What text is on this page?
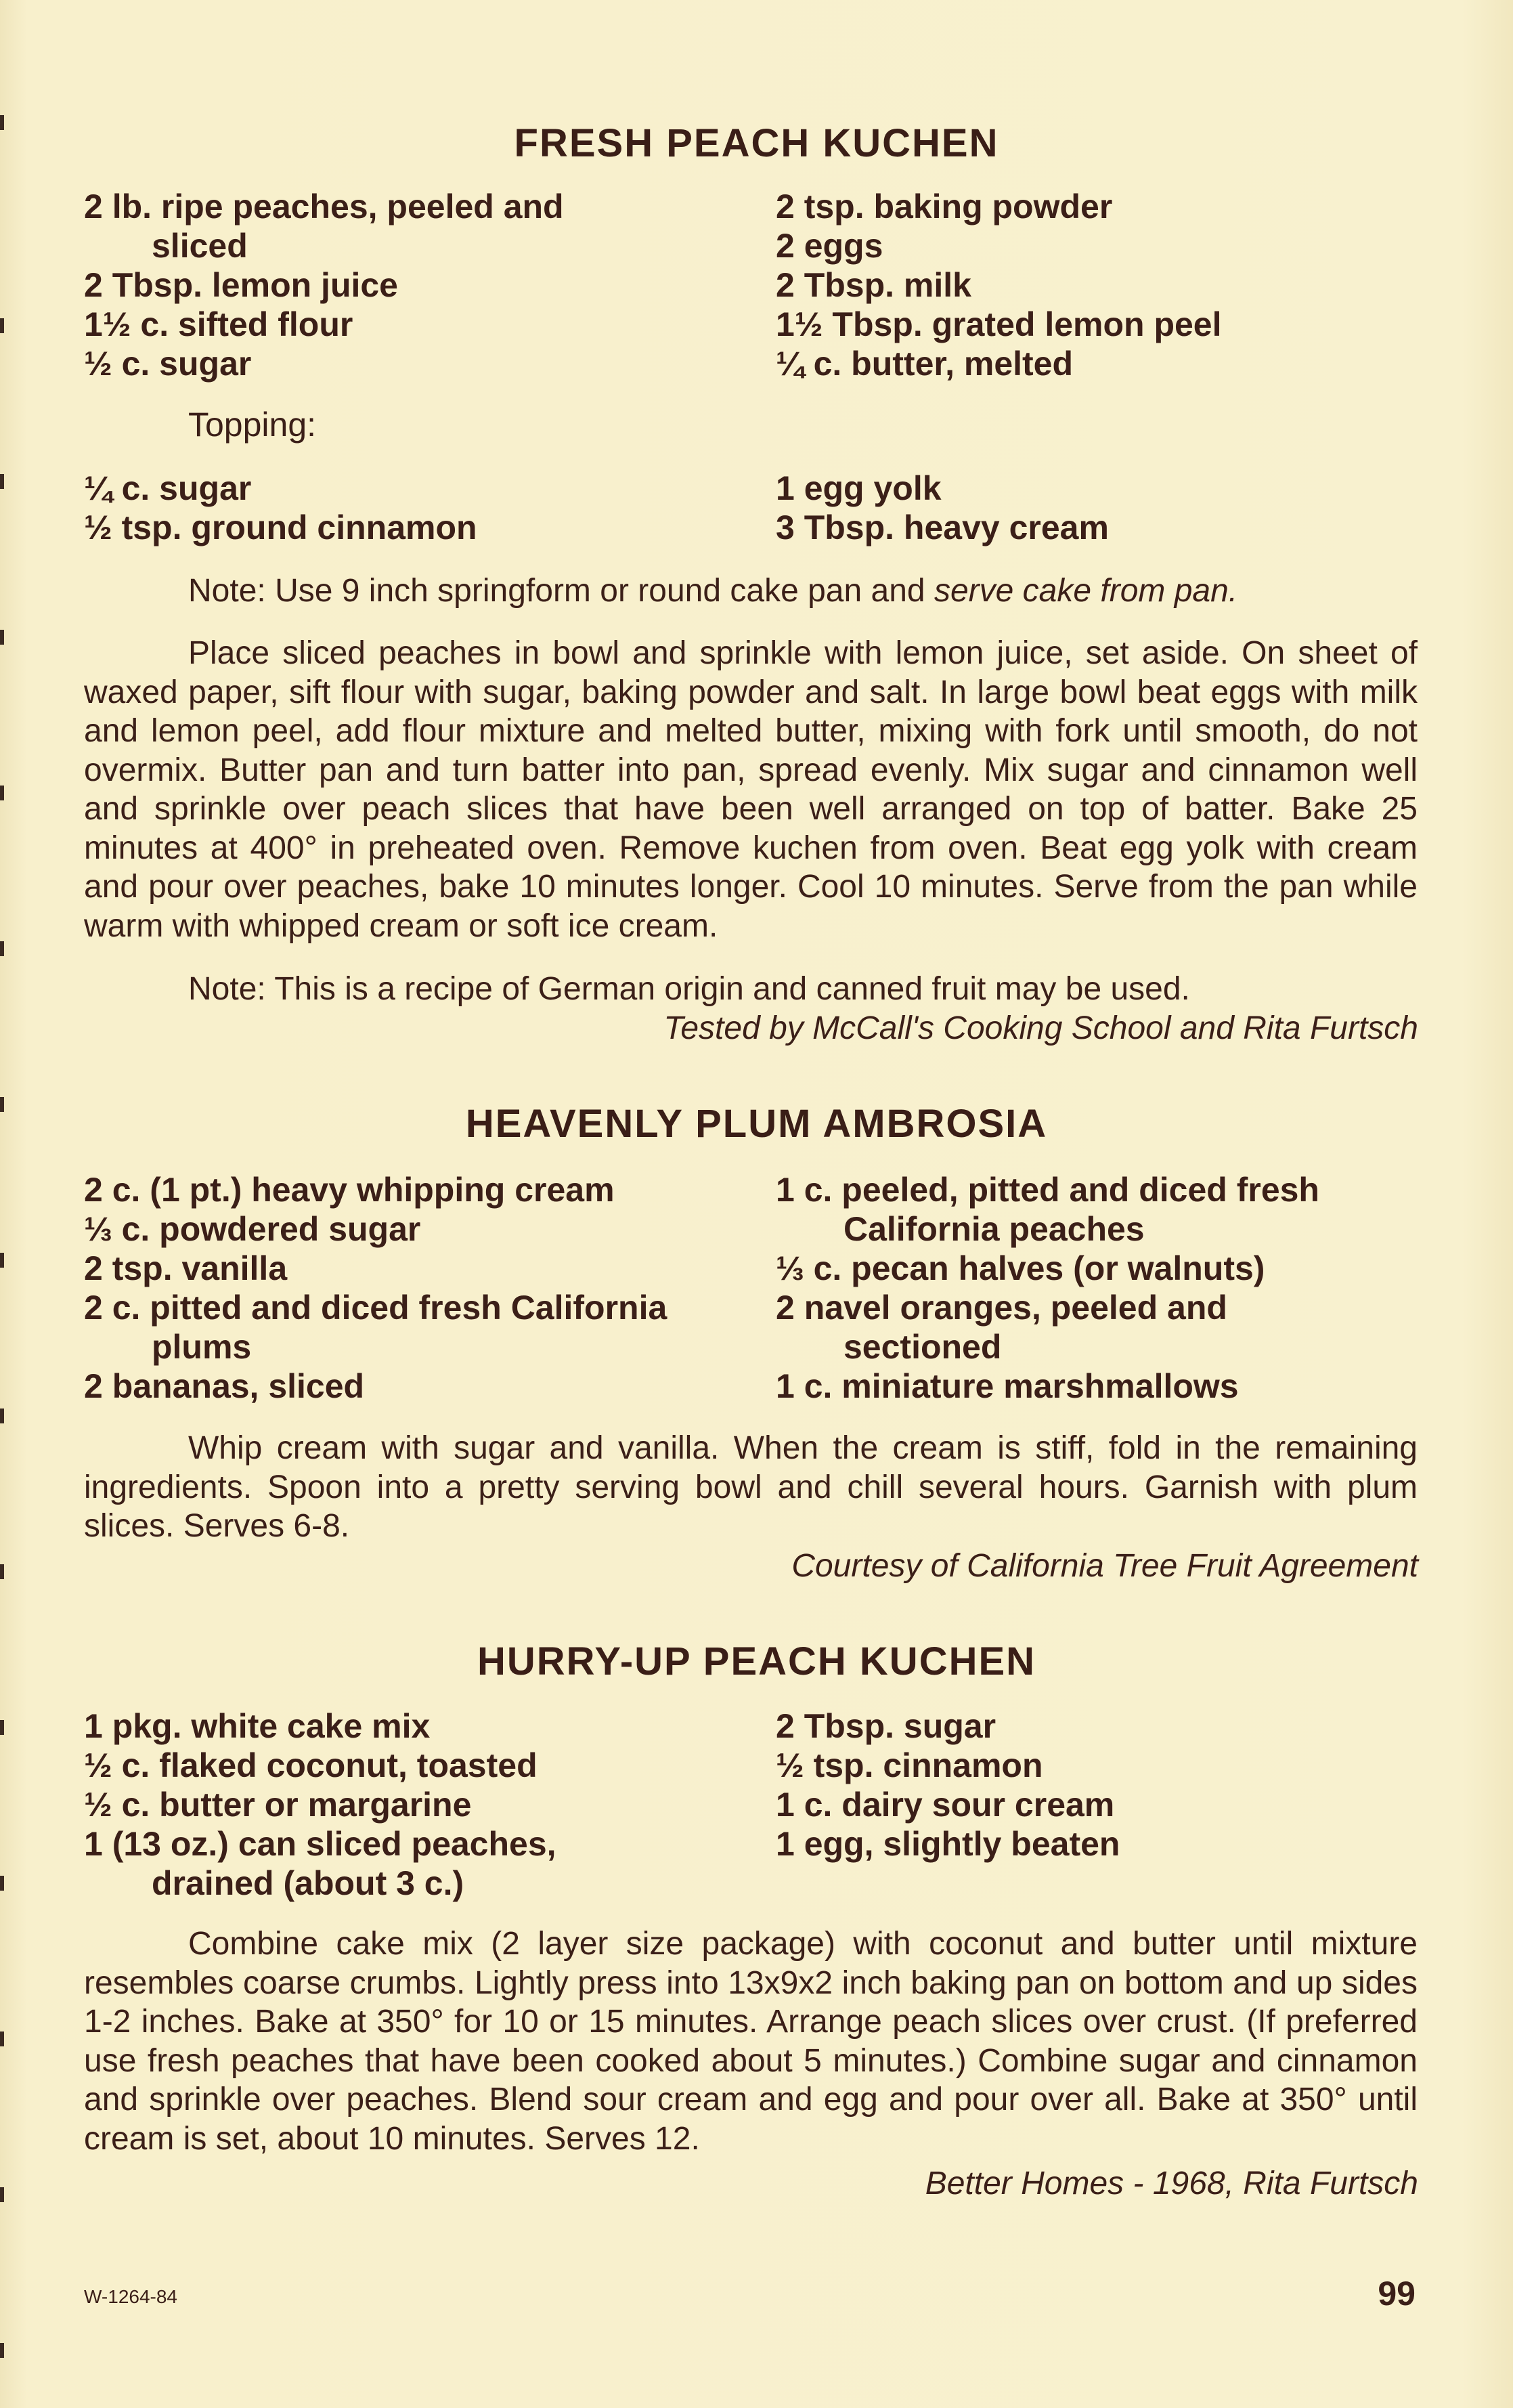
FRESH PEACH KUCHEN
2 lb. ripe peaches, peeled and
sliced
2 Tbsp. lemon juice
1½ c. sifted flour
½ c. sugar
2 tsp. baking powder
2 eggs
2 Tbsp. milk
1½ Tbsp. grated lemon peel
¼ c. butter, melted
Topping:
¼ c. sugar
½ tsp. ground cinnamon
1 egg yolk
3 Tbsp. heavy cream
Note: Use 9 inch springform or round cake pan and serve cake from pan.
Place sliced peaches in bowl and sprinkle with lemon juice, set aside. On sheet of waxed paper, sift flour with sugar, baking powder and salt. In large bowl beat eggs with milk and lemon peel, add flour mixture and melted butter, mixing with fork until smooth, do not overmix. Butter pan and turn batter into pan, spread evenly. Mix sugar and cinnamon well and sprinkle over peach slices that have been well arranged on top of batter. Bake 25 minutes at 400° in preheated oven. Remove kuchen from oven. Beat egg yolk with cream and pour over peaches, bake 10 minutes longer. Cool 10 minutes. Serve from the pan while warm with whipped cream or soft ice cream.
Note: This is a recipe of German origin and canned fruit may be used.
Tested by McCall's Cooking School and Rita Furtsch
HEAVENLY PLUM AMBROSIA
2 c. (1 pt.) heavy whipping cream
⅓ c. powdered sugar
2 tsp. vanilla
2 c. pitted and diced fresh California
plums
2 bananas, sliced
1 c. peeled, pitted and diced fresh
California peaches
⅓ c. pecan halves (or walnuts)
2 navel oranges, peeled and
sectioned
1 c. miniature marshmallows
Whip cream with sugar and vanilla. When the cream is stiff, fold in the remaining ingredients. Spoon into a pretty serving bowl and chill several hours. Garnish with plum slices. Serves 6-8.
Courtesy of California Tree Fruit Agreement
HURRY-UP PEACH KUCHEN
1 pkg. white cake mix
½ c. flaked coconut, toasted
½ c. butter or margarine
1 (13 oz.) can sliced peaches,
drained (about 3 c.)
2 Tbsp. sugar
½ tsp. cinnamon
1 c. dairy sour cream
1 egg, slightly beaten
Combine cake mix (2 layer size package) with coconut and butter until mixture resembles coarse crumbs. Lightly press into 13x9x2 inch baking pan on bottom and up sides 1-2 inches. Bake at 350° for 10 or 15 minutes. Arrange peach slices over crust. (If preferred use fresh peaches that have been cooked about 5 minutes.) Combine sugar and cinnamon and sprinkle over peaches. Blend sour cream and egg and pour over all. Bake at 350° until cream is set, about 10 minutes. Serves 12.
Better Homes - 1968, Rita Furtsch
W-1264-84	99
